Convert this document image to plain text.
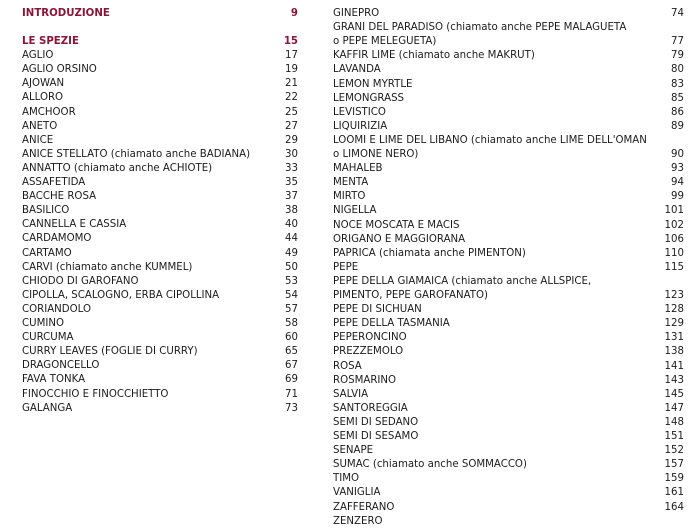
INTRODUZIONE	9
LE SPEZIE	15
AGLIO	17
AGLIO ORSINO	19
AJOWAN	21
ALLORO	22
AMCHOOR	25
ANETO	27
ANICE	29
ANICE STELLATO (chiamato anche BADIANA)	30
ANNATTO (chiamato anche ACHIOTE)	33
ASSAFETIDA	35
BACCHE ROSA	37
BASILICO	38
CANNELLA E CASSIA	40
CARDAMOMO	44
CARTAMO	49
CARVI (chiamato anche KUMMEL)	50
CHIODO DI GAROFANO	53
CIPOLLA, SCALOGNO, ERBA CIPOLLINA	54
CORIANDOLO	57
CUMINO	58
CURCUMA	60
CURRY LEAVES (FOGLIE DI CURRY)	65
DRAGONCELLO	67
FAVA TONKA	69
FINOCCHIO E FINOCCHIETTO	71
GALANGA	73
GINEPRO	74
GRANI DEL PARADISO (chiamato anche PEPE MALAGUETA
o PEPE MELEGUETA)	77
KAFFIR LIME (chiamato anche MAKRUT)	79
LAVANDA	80
LEMON MYRTLE	83
LEMONGRASS	85
LEVISTICO	86
LIQUIRIZIA	89
LOOMI E LIME DEL LIBANO (chiamato anche LIME DELL'OMAN
o LIMONE NERO)	90
MAHALEB	93
MENTA	94
MIRTO	99
NIGELLA	101
NOCE MOSCATA E MACIS	102
ORIGANO E MAGGIORANA	106
PAPRICA (chiamata anche PIMENTÓN)	110
PEPE	115
PEPE DELLA GIAMAICA (chiamato anche ALLSPICE,
PIMENTO, PEPE GAROFANATO)	123
PEPE DI SICHUAN	128
PEPE DELLA TASMANIA	129
PEPERONCINO	131
PREZZEMOLO	138
ROSA	141
ROSMARINO	143
SALVIA	145
SANTOREGGIA	147
SEMI DI SEDANO	148
SEMI DI SESAMO	151
SENAPE	152
SUMAC (chiamato anche SOMMACCO)	157
TIMO	159
VANIGLIA	161
ZAFFERANO	164
ZENZERO
